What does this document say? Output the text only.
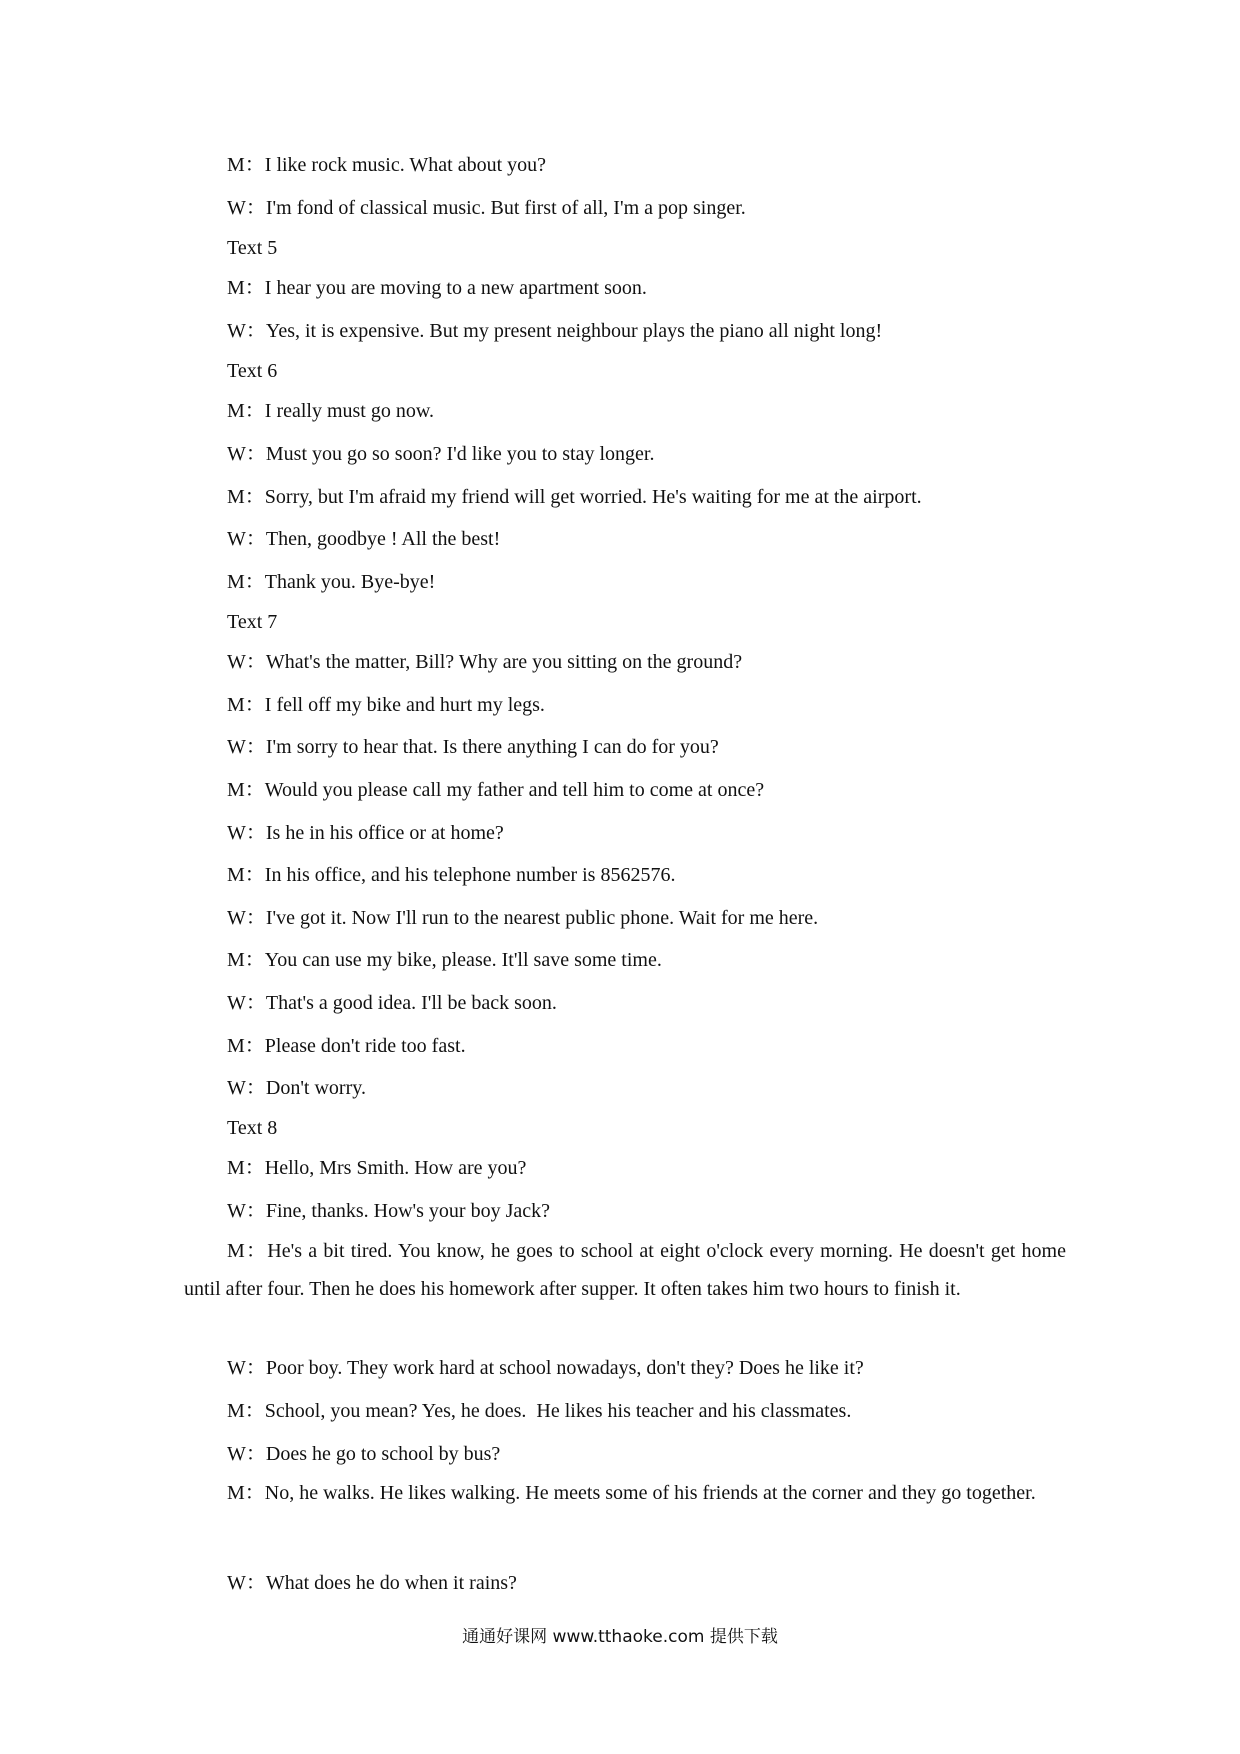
M：I like rock music. What about you?
W：I'm fond of classical music. But first of all, I'm a pop singer.
Text 5
M：I hear you are moving to a new apartment soon.
W：Yes, it is expensive. But my present neighbour plays the piano all night long!
Text 6
M：I really must go now.
W：Must you go so soon? I'd like you to stay longer.
M：Sorry, but I'm afraid my friend will get worried. He's waiting for me at the airport.
W：Then, goodbye ! All the best!
M：Thank you. Bye-bye!
Text 7
W：What's the matter, Bill? Why are you sitting on the ground?
M：I fell off my bike and hurt my legs.
W：I'm sorry to hear that. Is there anything I can do for you?
M：Would you please call my father and tell him to come at once?
W：Is he in his office or at home?
M：In his office, and his telephone number is 8562576.
W：I've got it. Now I'll run to the nearest public phone. Wait for me here.
M：You can use my bike, please. It'll save some time.
W：That's a good idea. I'll be back soon.
M：Please don't ride too fast.
W：Don't worry.
Text 8
M：Hello, Mrs Smith. How are you?
W：Fine, thanks. How's your boy Jack?
M：He's a bit tired. You know, he goes to school at eight o'clock every morning. He doesn't get home until after four. Then he does his homework after supper. It often takes him two hours to finish it.
W：Poor boy. They work hard at school nowadays, don't they? Does he like it?
M：School, you mean? Yes, he does.  He likes his teacher and his classmates.
W：Does he go to school by bus?
M：No, he walks. He likes walking. He meets some of his friends at the corner and they go together.
W：What does he do when it rains?
通通好课网 www.tthaoke.com 提供下载
